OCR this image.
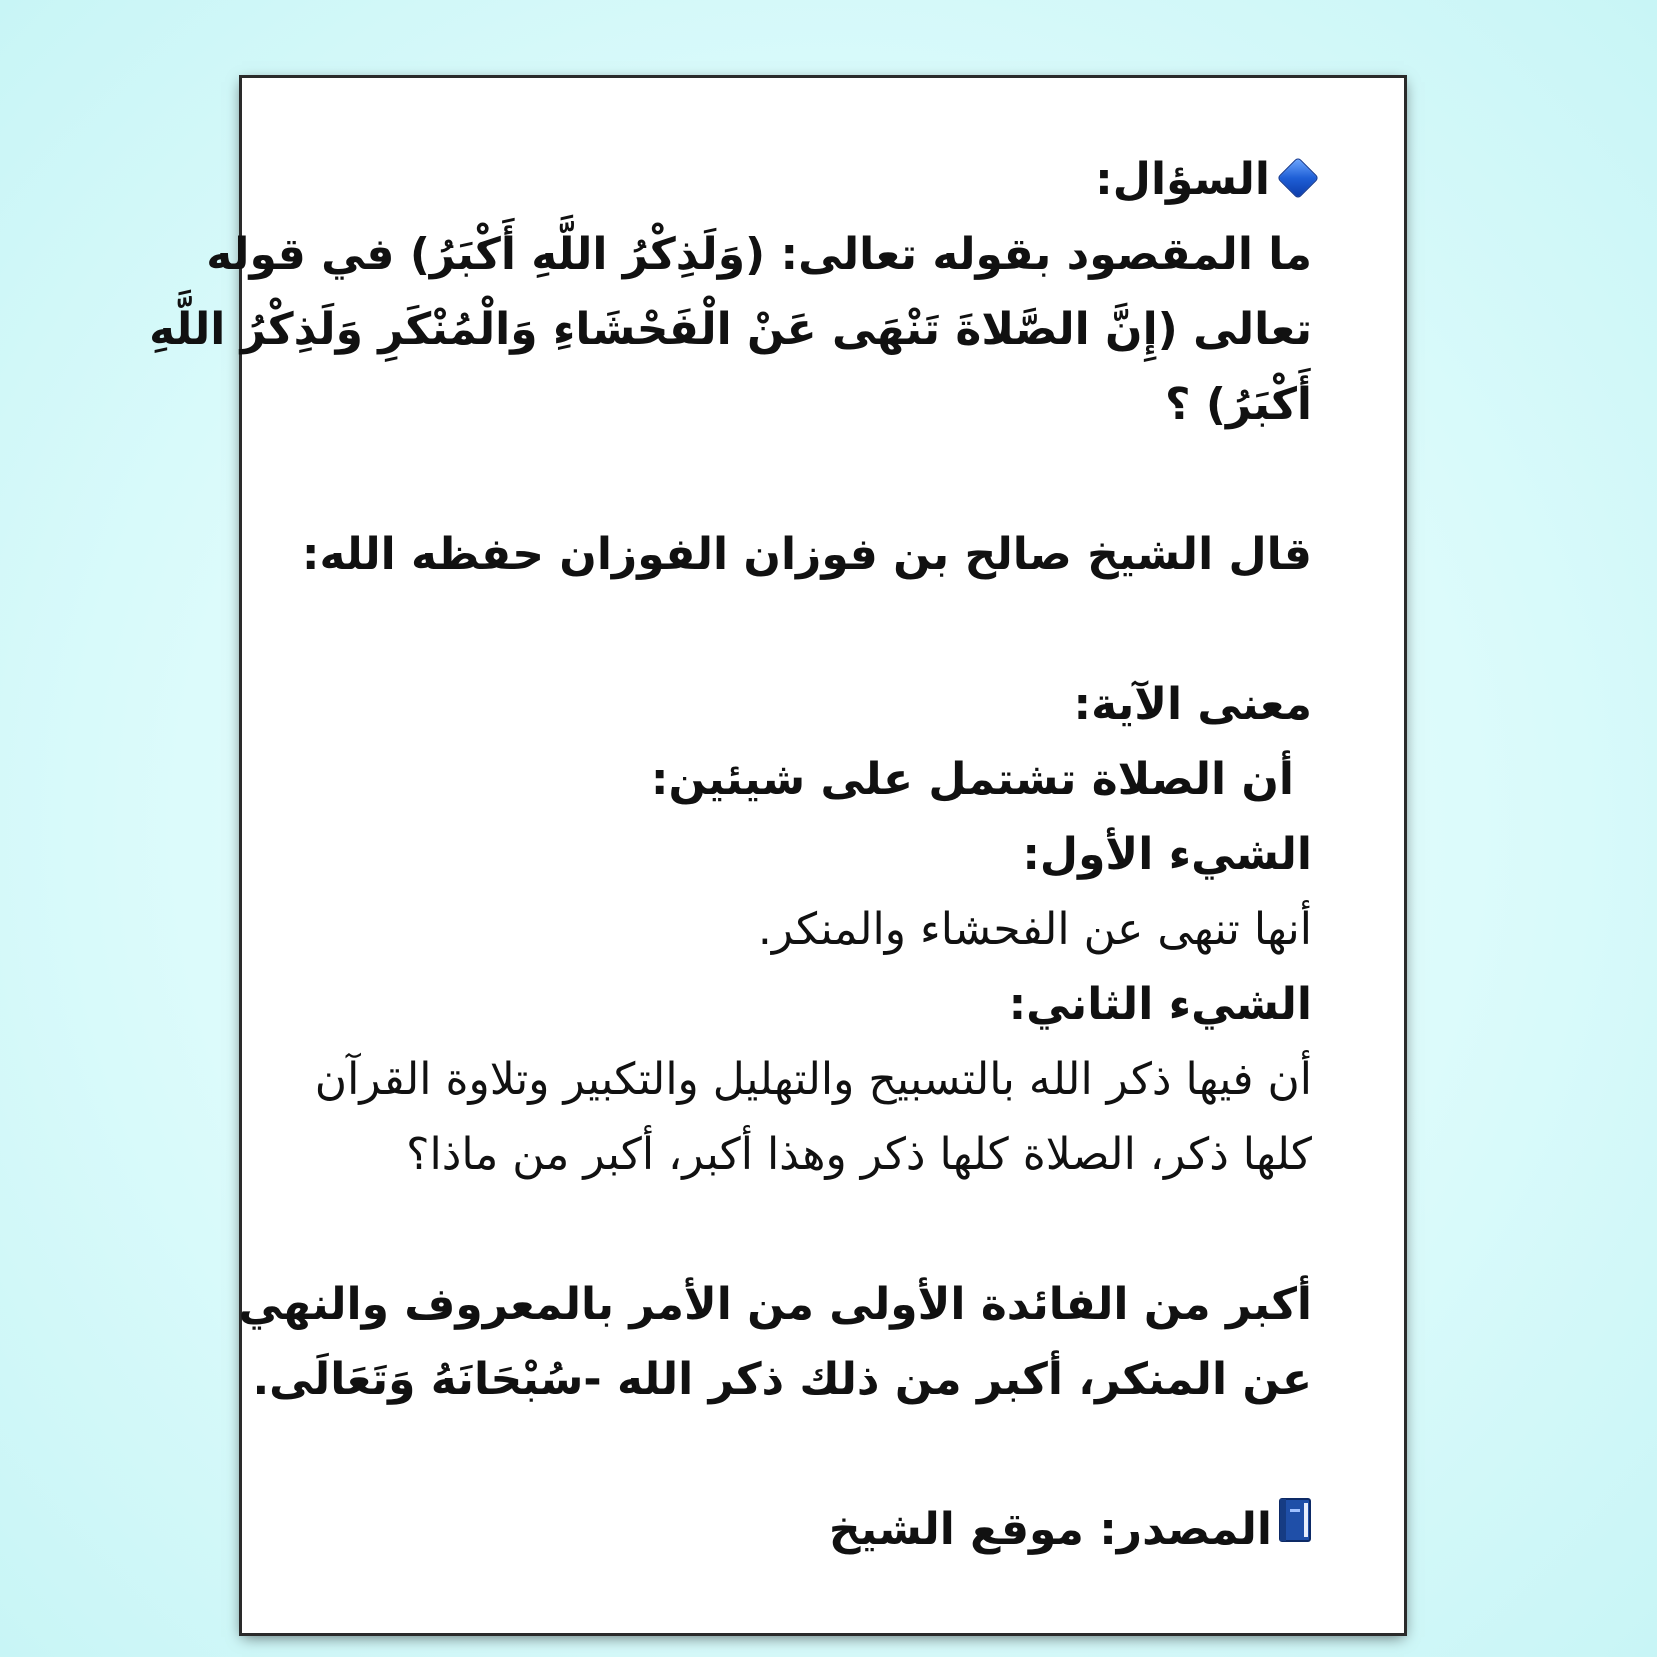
السؤال:

ما المقصود بقوله تعالى: (وَلَذِكْرُ اللَّهِ أَكْبَرُ) في قوله

تعالى (إِنَّ الصَّلاةَ تَنْهَى عَنْ الْفَحْشَاءِ وَالْمُنْكَرِ وَلَذِكْرُ اللَّهِ

أَكْبَرُ) ؟

قال الشيخ صالح بن فوزان الفوزان حفظه الله:

معنى الآية:

أن الصلاة تشتمل على شيئين:

الشيء الأول:

أنها تنهى عن الفحشاء والمنكر.

الشيء الثاني:

أن فيها ذكر الله بالتسبيح والتهليل والتكبير وتلاوة القرآن

كلها ذكر، الصلاة كلها ذكر وهذا أكبر، أكبر من ماذا؟

أكبر من الفائدة الأولى من الأمر بالمعروف والنهي

عن المنكر، أكبر من ذلك ذكر الله -سُبْحَانَهُ وَتَعَالَى.

المصدر: موقع الشيخ
